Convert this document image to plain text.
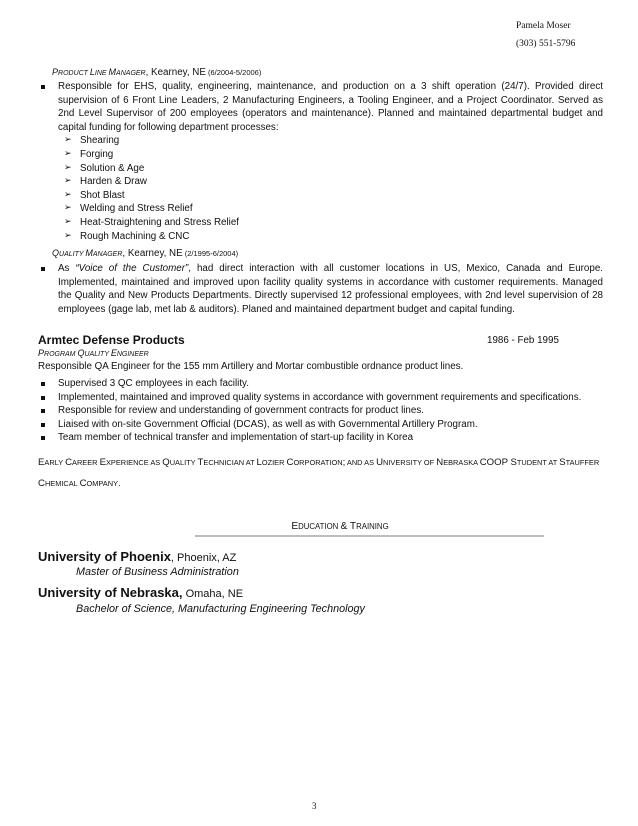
Pamela Moser
(303) 551-5796
PRODUCT LINE MANAGER, Kearney, NE (6/2004-5/2006)
Responsible for EHS, quality, engineering, maintenance, and production on a 3 shift operation (24/7). Provided direct supervision of 6 Front Line Leaders, 2 Manufacturing Engineers, a Tooling Engineer, and a Project Coordinator. Served as 2nd Level Supervisor of 200 employees (operators and maintenance). Planned and maintained departmental budget and capital funding for following department processes:
➢ Shearing
➢ Forging
➢ Solution & Age
➢ Harden & Draw
➢ Shot Blast
➢ Welding and Stress Relief
➢ Heat-Straightening and Stress Relief
➢ Rough Machining & CNC
QUALITY MANAGER, Kearney, NE (2/1995-6/2004)
As “Voice of the Customer”, had direct interaction with all customer locations in US, Mexico, Canada and Europe. Implemented, maintained and improved upon facility quality systems in accordance with customer requirements. Managed the Quality and New Products Departments. Directly supervised 12 professional employees, with 2nd level supervision of 28 employees (gage lab, met lab & auditors). Planed and maintained department budget and capital funding.
Armtec Defense Products	1986 - Feb 1995
PROGRAM QUALITY ENGINEER
Responsible QA Engineer for the 155 mm Artillery and Mortar combustible ordnance product lines.
Supervised 3 QC employees in each facility.
Implemented, maintained and improved quality systems in accordance with government requirements and specifications.
Responsible for review and understanding of government contracts for product lines.
Liaised with on-site Government Official (DCAS), as well as with Governmental Artillery Program.
Team member of technical transfer and implementation of start-up facility in Korea
EARLY CAREER EXPERIENCE AS QUALITY TECHNICIAN AT LOZIER CORPORATION; AND AS UNIVERSITY OF NEBRASKA COOP STUDENT AT STAUFFER CHEMICAL COMPANY.
EDUCATION & TRAINING
University of Phoenix, Phoenix, AZ
Master of Business Administration
University of Nebraska, Omaha, NE
Bachelor of Science, Manufacturing Engineering Technology
3
